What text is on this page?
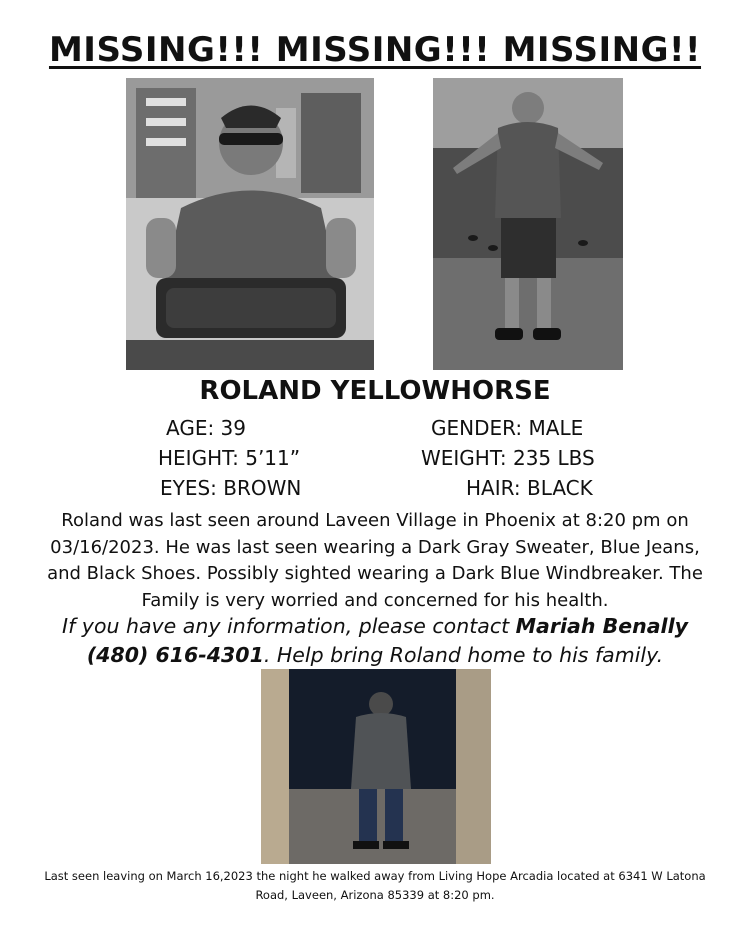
MISSING!!! MISSING!!! MISSING!!
ROLAND YELLOWHORSE
AGE: 39	GENDER: MALE
HEIGHT: 5’11”	WEIGHT: 235 LBS
EYES: BROWN	HAIR: BLACK
Roland was last seen around Laveen Village in Phoenix at 8:20 pm on 03/16/2023. He was last seen wearing a Dark Gray Sweater, Blue Jeans, and Black Shoes. Possibly sighted wearing a Dark Blue Windbreaker. The Family is very worried and concerned for his health.
If you have any information, please contact Mariah Benally (480) 616-4301. Help bring Roland home to his family.
Last seen leaving on March 16,2023 the night he walked away from Living Hope Arcadia located at 6341 W Latona Road, Laveen, Arizona 85339 at 8:20 pm.
